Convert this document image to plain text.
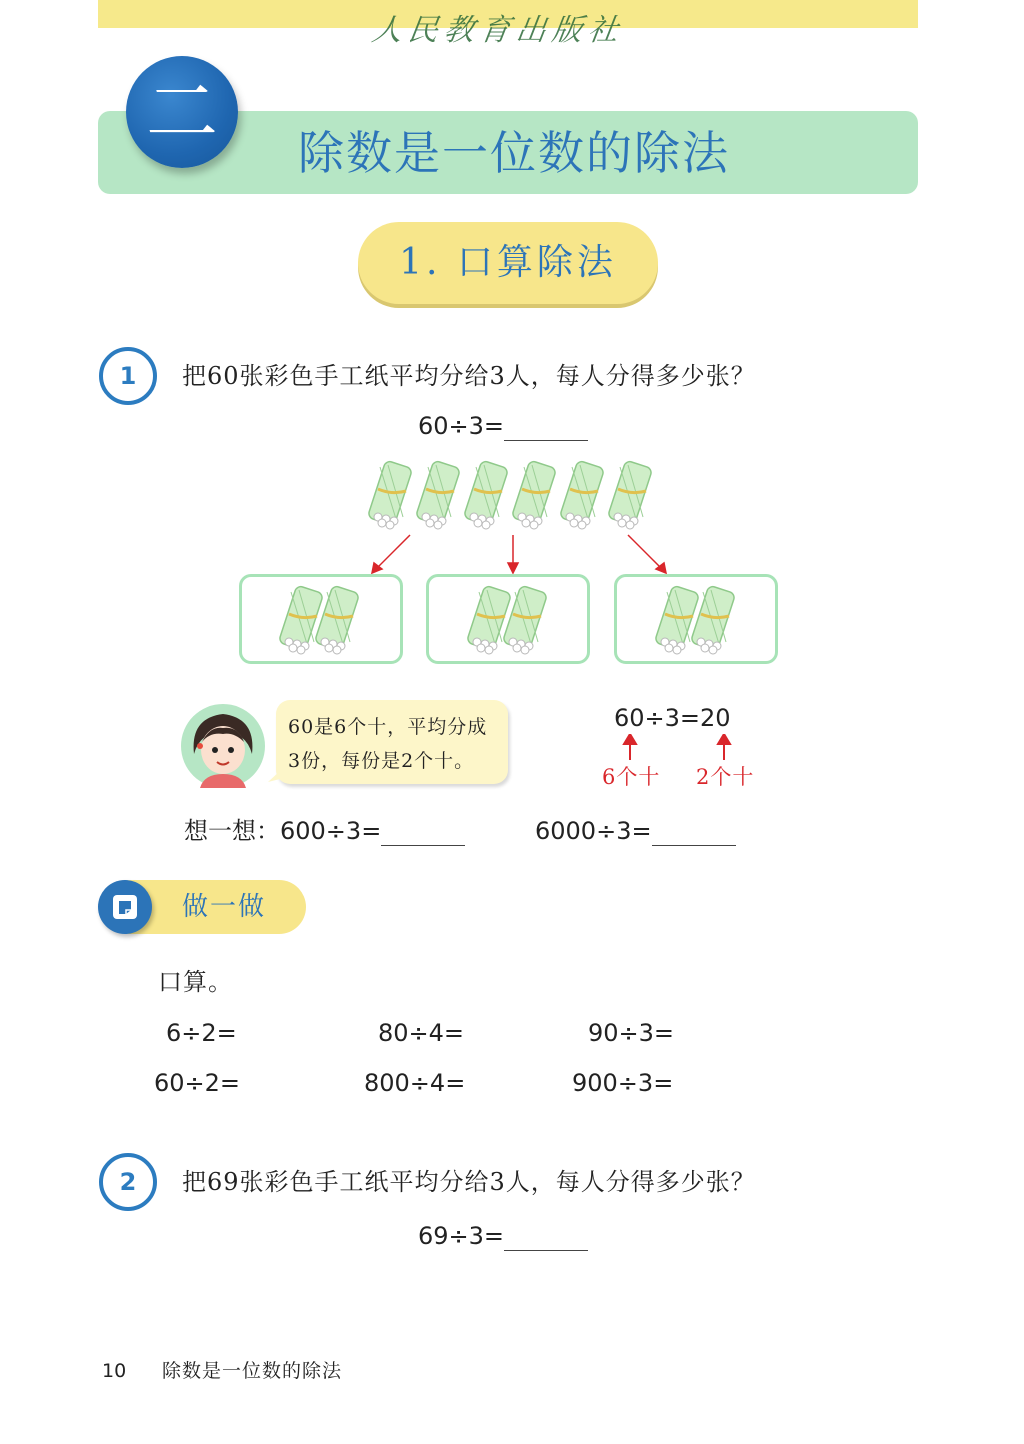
人民教育出版社
二	除数是一位数的除法
1. 口算除法
1	把60张彩色手工纸平均分给3人，每人分得多少张？
60÷3=
60是6个十，平均分成
3份，每份是2个十。
60÷3=20
6个十 2个十
想一想：600÷3=	6000÷3=
做一做
口算。
6÷2=	80÷4=	90÷3=
60÷2=	800÷4=	900÷3=
2	把69张彩色手工纸平均分给3人，每人分得多少张？
69÷3=
10 除数是一位数的除法
